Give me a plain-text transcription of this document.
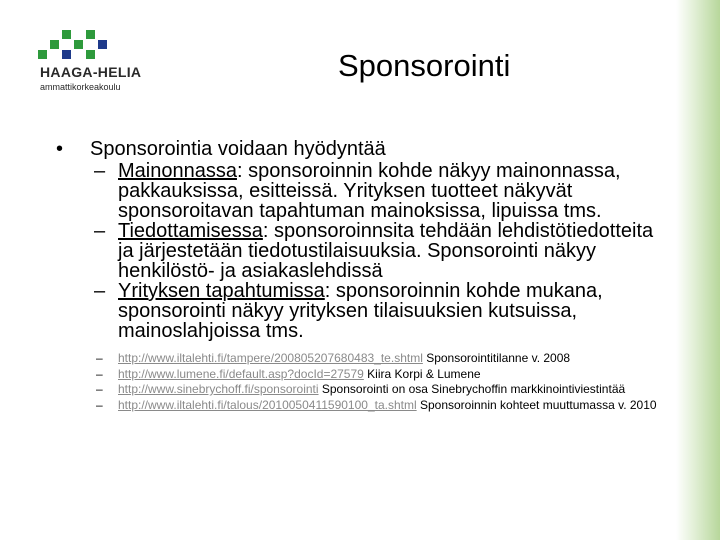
HAAGA-HELIA
ammattikorkeakoulu
Sponsorointi
• Sponsorointia voidaan hyödyntää
– Mainonnassa: sponsoroinnin kohde näkyy mainonnassa, pakkauksissa, esitteissä. Yrityksen tuotteet näkyvät sponsoroitavan tapahtuman mainoksissa, lipuissa tms.
– Tiedottamisessa: sponsoroinnsita tehdään lehdistötiedotteita ja järjestetään tiedotustilaisuuksia. Sponsorointi näkyy henkilöstö- ja asiakaslehdissä
– Yrityksen tapahtumissa: sponsoroinnin kohde mukana, sponsorointi näkyy yrityksen tilaisuuksien kutsuissa, mainoslahjoissa tms.
– http://www.iltalehti.fi/tampere/200805207680483_te.shtml Sponsorointitilanne v. 2008
– http://www.lumene.fi/default.asp?docId=27579 Kiira Korpi & Lumene
– http://www.sinebrychoff.fi/sponsorointi Sponsorointi on osa Sinebrychoffin markkinointiviestintää
– http://www.iltalehti.fi/talous/2010050411590100_ta.shtml Sponsoroinnin kohteet muuttumassa v. 2010
